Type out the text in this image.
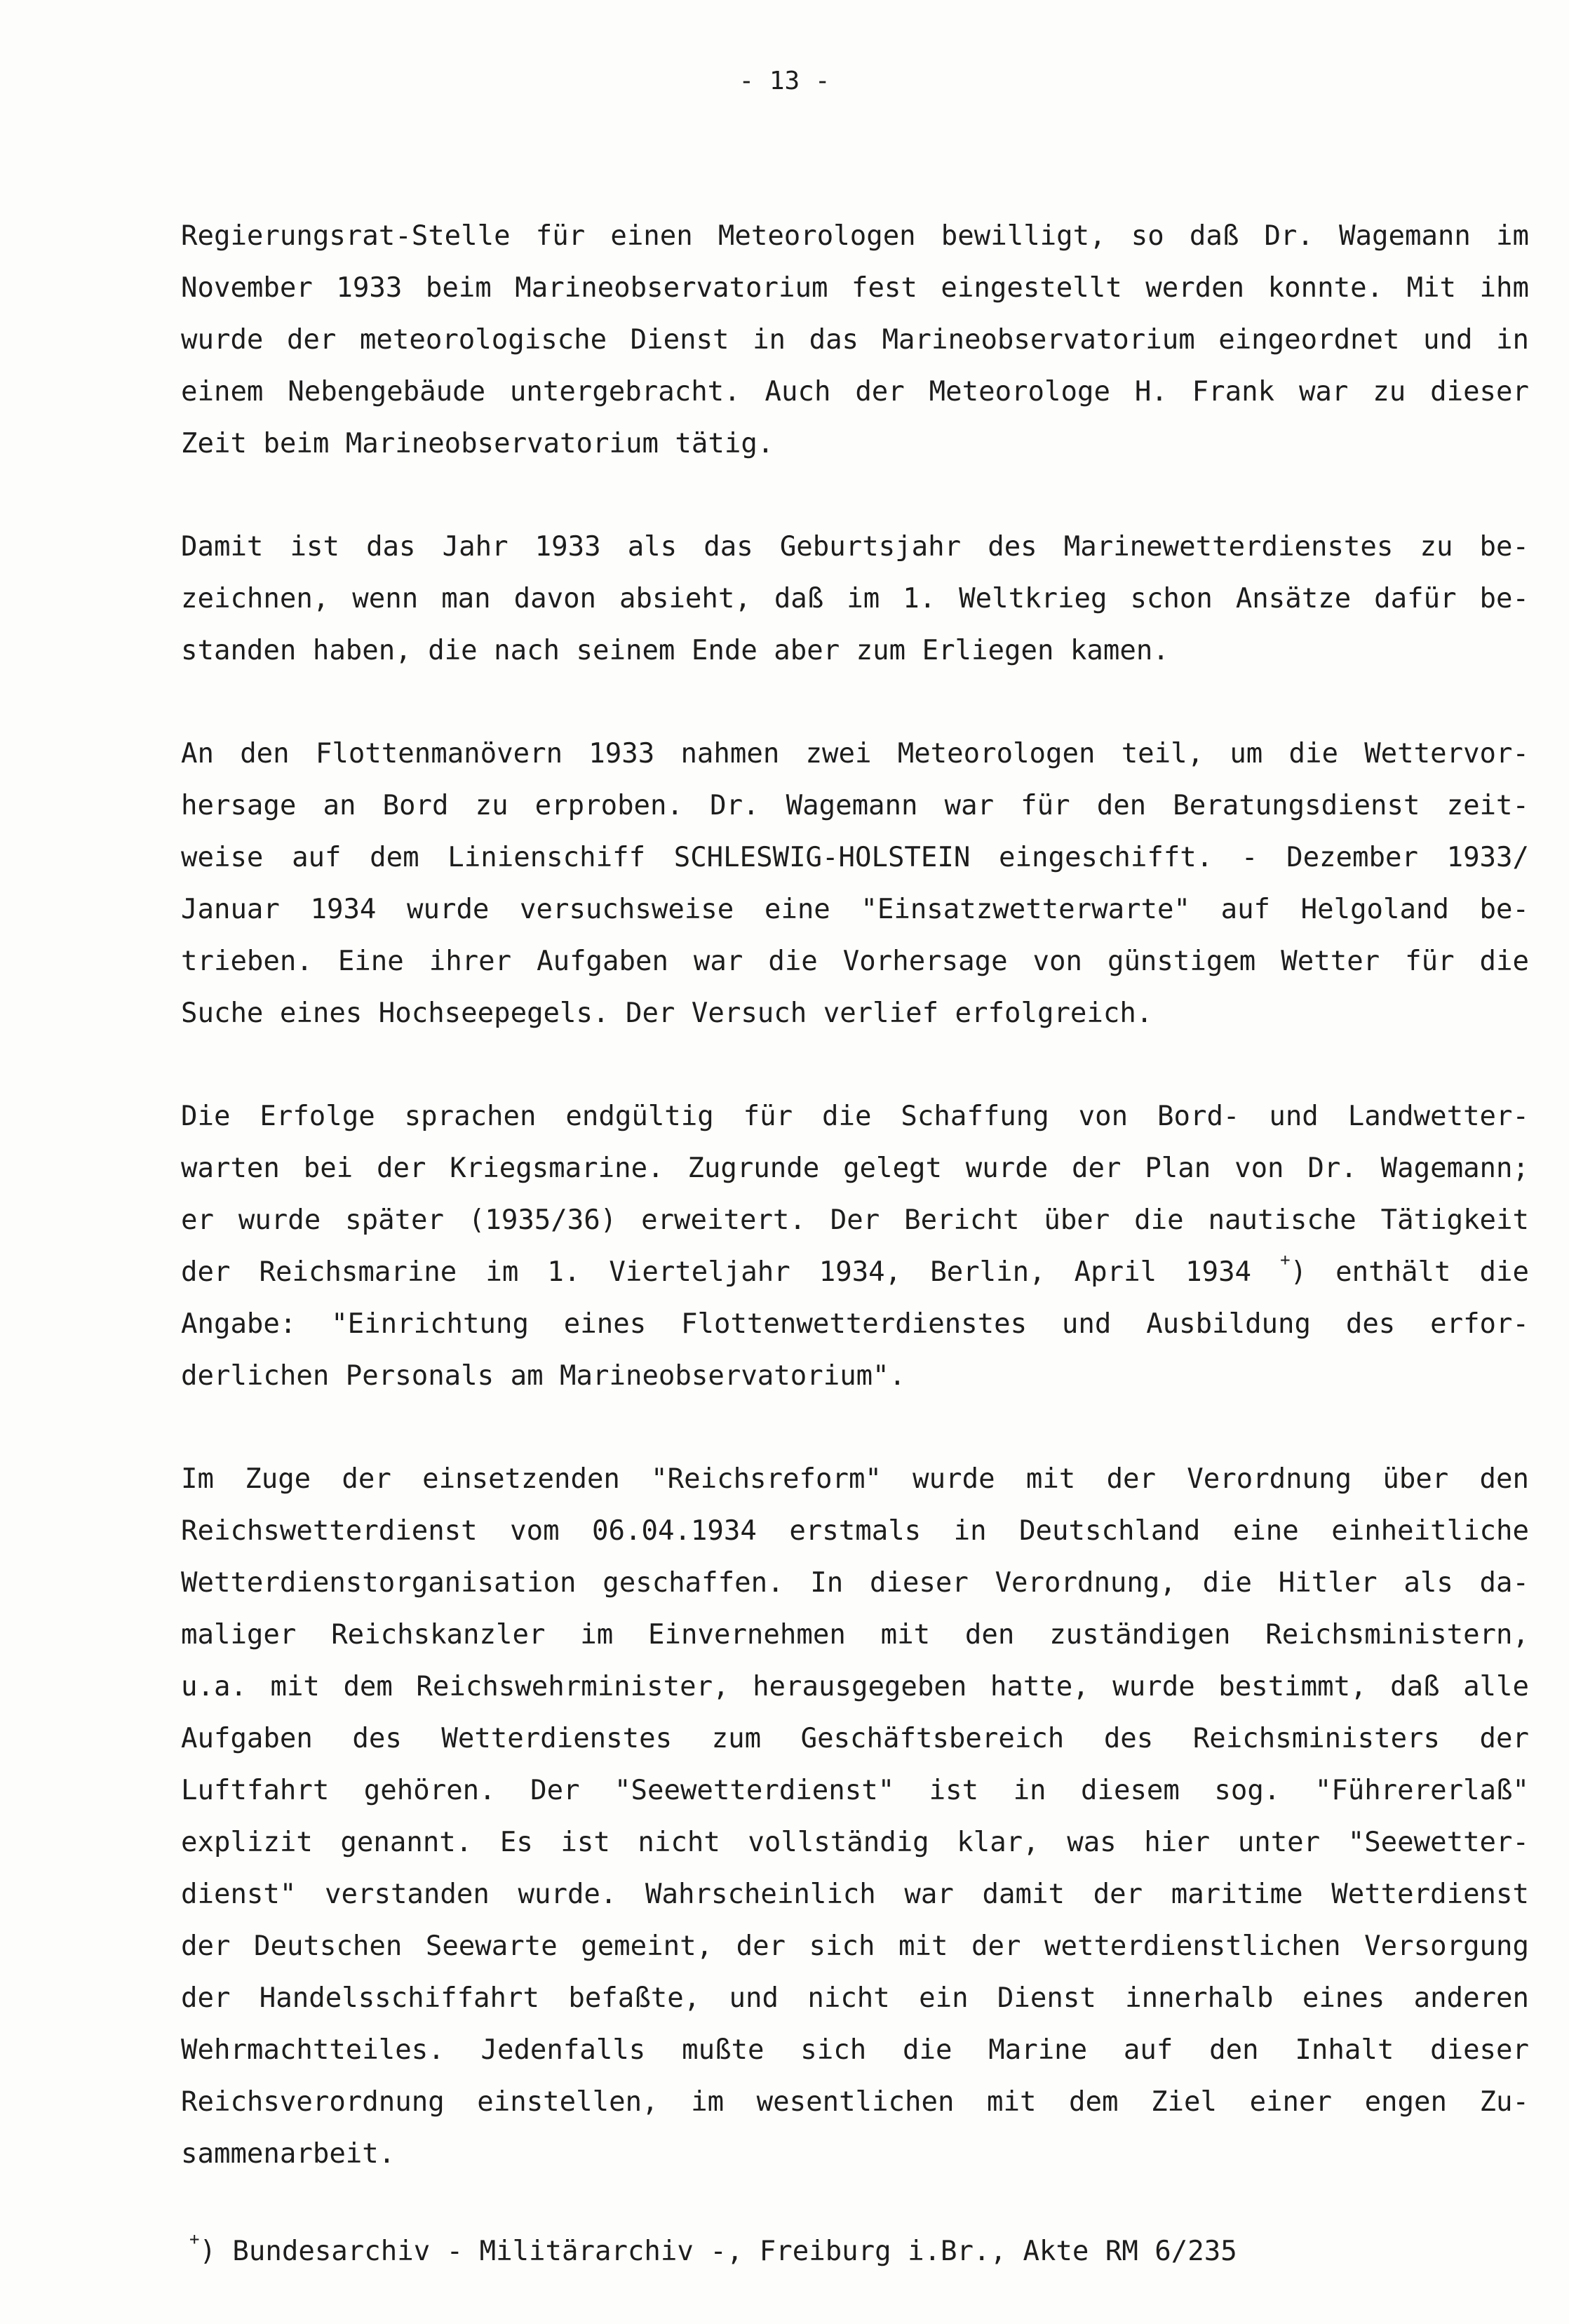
- 13 -
Regierungsrat-Stelle für einen Meteorologen bewilligt, so daß Dr. Wagemann im
November 1933 beim Marineobservatorium fest eingestellt werden konnte. Mit ihm
wurde der meteorologische Dienst in das Marineobservatorium eingeordnet und in
einem Nebengebäude untergebracht. Auch der Meteorologe H. Frank war zu dieser
Zeit beim Marineobservatorium tätig.
Damit ist das Jahr 1933 als das Geburtsjahr des Marinewetterdienstes zu be-
zeichnen, wenn man davon absieht, daß im 1. Weltkrieg schon Ansätze dafür be-
standen haben, die nach seinem Ende aber zum Erliegen kamen.
An den Flottenmanövern 1933 nahmen zwei Meteorologen teil, um die Wettervor-
hersage an Bord zu erproben. Dr. Wagemann war für den Beratungsdienst zeit-
weise auf dem Linienschiff SCHLESWIG-HOLSTEIN eingeschifft. - Dezember 1933/
Januar 1934 wurde versuchsweise eine "Einsatzwetterwarte" auf Helgoland be-
trieben. Eine ihrer Aufgaben war die Vorhersage von günstigem Wetter für die
Suche eines Hochseepegels. Der Versuch verlief erfolgreich.
Die Erfolge sprachen endgültig für die Schaffung von Bord- und Landwetter-
warten bei der Kriegsmarine. Zugrunde gelegt wurde der Plan von Dr. Wagemann;
er wurde später (1935/36) erweitert. Der Bericht über die nautische Tätigkeit
der Reichsmarine im 1. Vierteljahr 1934, Berlin, April 1934 +) enthält die
Angabe: "Einrichtung eines Flottenwetterdienstes und Ausbildung des erfor-
derlichen Personals am Marineobservatorium".
Im Zuge der einsetzenden "Reichsreform" wurde mit der Verordnung über den
Reichswetterdienst vom 06.04.1934 erstmals in Deutschland eine einheitliche
Wetterdienstorganisation geschaffen. In dieser Verordnung, die Hitler als da-
maliger Reichskanzler im Einvernehmen mit den zuständigen Reichsministern,
u.a. mit dem Reichswehrminister, herausgegeben hatte, wurde bestimmt, daß alle
Aufgaben des Wetterdienstes zum Geschäftsbereich des Reichsministers der
Luftfahrt gehören. Der "Seewetterdienst" ist in diesem sog. "Führererlaß"
explizit genannt. Es ist nicht vollständig klar, was hier unter "Seewetter-
dienst" verstanden wurde. Wahrscheinlich war damit der maritime Wetterdienst
der Deutschen Seewarte gemeint, der sich mit der wetterdienstlichen Versorgung
der Handelsschiffahrt befaßte, und nicht ein Dienst innerhalb eines anderen
Wehrmachtteiles. Jedenfalls mußte sich die Marine auf den Inhalt dieser
Reichsverordnung einstellen, im wesentlichen mit dem Ziel einer engen Zu-
sammenarbeit.
+) Bundesarchiv - Militärarchiv -, Freiburg i.Br., Akte RM 6/235
